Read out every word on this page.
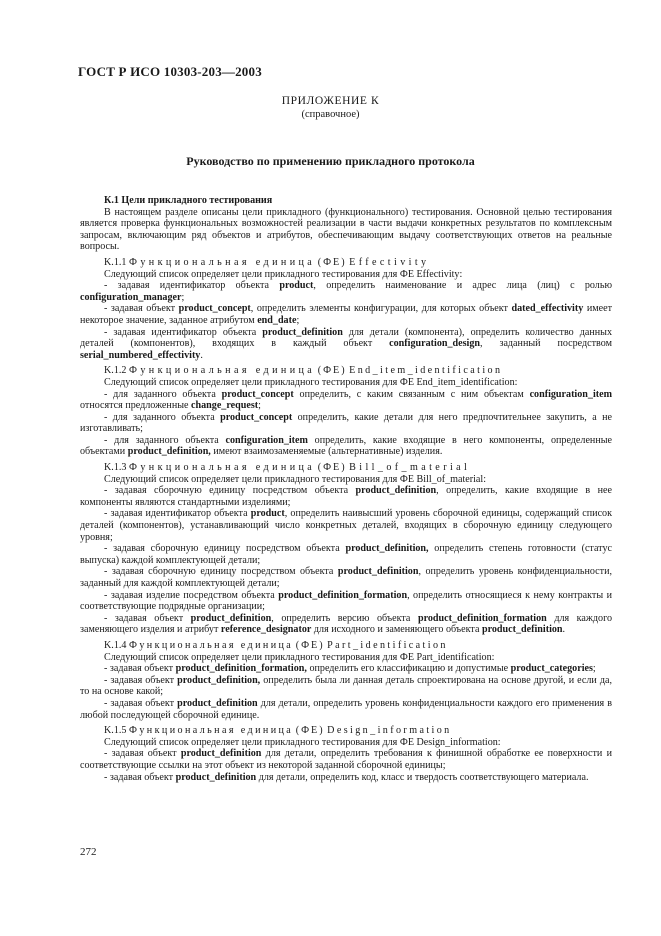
ГОСТ Р ИСО 10303-203—2003
ПРИЛОЖЕНИЕ К
(справочное)
Руководство по применению прикладного протокола

К.1 Цели прикладного тестирования

В настоящем разделе описаны цели прикладного (функционального) тестирования. Основной целью тестирования является проверка функциональных возможностей реализации в части выдачи конкретных результатов по комплексным запросам, включающим ряд объектов и атрибутов, обеспечивающим выдачу соответствующих ответов на реальные вопросы.

K.1.1 Функциональная единица (ФЕ) Effectivity

Следующий список определяет цели прикладного тестирования для ФЕ Effectivity:

- задавая идентификатор объекта product, определить наименование и адрес лица (лиц) с ролью configuration_manager;

- задавая объект product_concept, определить элементы конфигурации, для которых объект dated_effectivity имеет некоторое значение, заданное атрибутом end_date;

- задавая идентификатор объекта product_definition для детали (компонента), определить количество данных деталей (компонентов), входящих в каждый объект configuration_design, заданный посредством serial_numbered_effectivity.

K.1.2 Функциональная единица (ФЕ) End_item_identification

Следующий список определяет цели прикладного тестирования для ФЕ End_item_identification:

- для заданного объекта product_concept определить, с каким связанным с ним объектам configuration_item относятся предложенные change_request;

- для заданного объекта product_concept определить, какие детали для него предпочтительнее закупить, а не изготавливать;

- для заданного объекта configuration_item определить, какие входящие в него компоненты, определенные объектами product_definition, имеют взаимозаменяемые (альтернативные) изделия.

K.1.3 Функциональная единица (ФЕ) Bill_of_material

Следующий список определяет цели прикладного тестирования для ФЕ Bill_of_material:

- задавая сборочную единицу посредством объекта product_definition, определить, какие входящие в нее компоненты являются стандартными изделиями;

- задавая идентификатор объекта product, определить наивысший уровень сборочной единицы, содержащий список деталей (компонентов), устанавливающий число конкретных деталей, входящих в сборочную единицу следующего уровня;

- задавая сборочную единицу посредством объекта product_definition, определить степень готовности (статус выпуска) каждой комплектующей детали;

- задавая сборочную единицу посредством объекта product_definition, определить уровень конфиденциальности, заданный для каждой комплектующей детали;

- задавая изделие посредством объекта product_definition_formation, определить относящиеся к нему контракты и соответствующие подрядные организации;

- задавая объект product_definition, определить версию объекта product_definition_formation для каждого заменяющего изделия и атрибут reference_designator для исходного и заменяющего объекта product_definition.

K.1.4 Функциональная единица (ФЕ) Part_identification

Следующий список определяет цели прикладного тестирования для ФЕ Part_identification:

- задавая объект product_definition_formation, определить его классификацию и допустимые product_categories;

- задавая объект product_definition, определить была ли данная деталь спроектирована на основе другой, и если да, то на основе какой;

- задавая объект product_definition для детали, определить уровень конфиденциальности каждого его применения в любой последующей сборочной единице.

K.1.5 Функциональная единица (ФЕ) Design_information

Следующий список определяет цели прикладного тестирования для ФЕ Design_information:

- задавая объект product_definition для детали, определить требования к финишной обработке ее поверхности и соответствующие ссылки на этот объект из некоторой заданной сборочной единицы;

- задавая объект product_definition для детали, определить код, класс и твердость соответствующего материала.

272
